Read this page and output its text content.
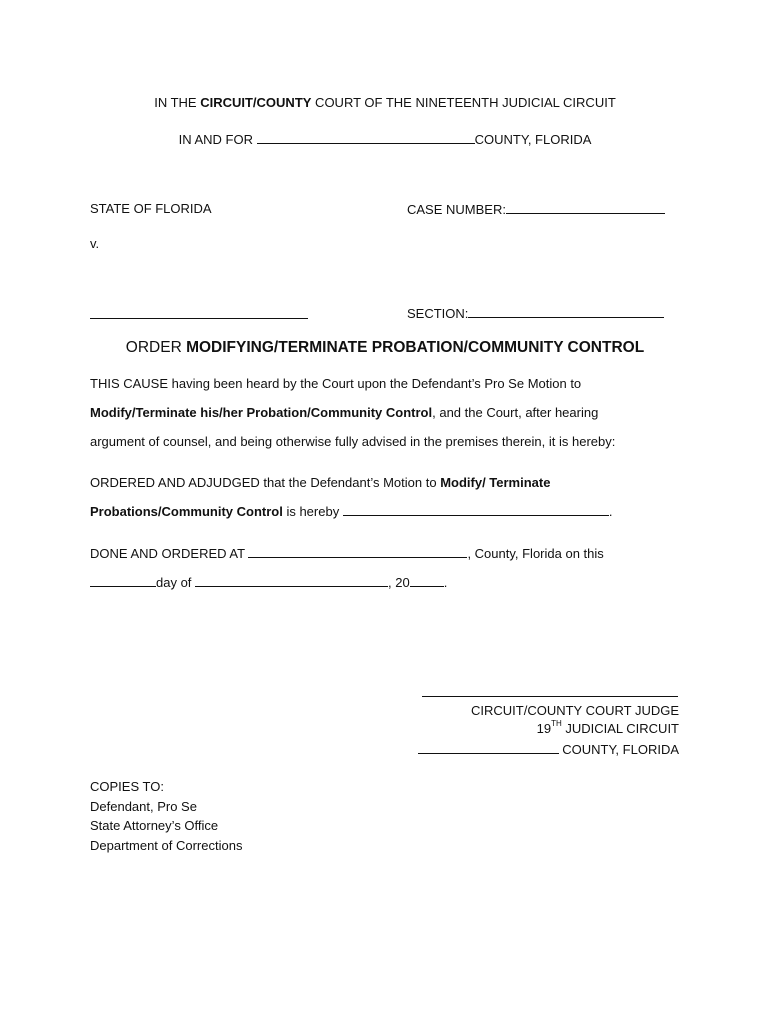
IN THE CIRCUIT/COUNTY COURT OF THE NINETEENTH JUDICIAL CIRCUIT
IN AND FOR	COUNTY, FLORIDA
STATE OF FLORIDA	CASE NUMBER:
v.
SECTION:
ORDER MODIFYING/TERMINATE PROBATION/COMMUNITY CONTROL
THIS CAUSE having been heard by the Court upon the Defendant’s Pro Se Motion to
Modify/Terminate his/her Probation/Community Control, and the Court, after hearing
argument of counsel, and being otherwise fully advised in the premises therein, it is hereby:
ORDERED AND ADJUDGED that the Defendant’s Motion to Modify/ Terminate
Probations/Community Control is hereby	.
DONE AND ORDERED AT	, County, Florida on this
day of	, 20	.
CIRCUIT/COUNTY COURT JUDGE
19TH JUDICIAL CIRCUIT
COUNTY, FLORIDA
COPIES TO:
Defendant, Pro Se
State Attorney’s Office
Department of Corrections
